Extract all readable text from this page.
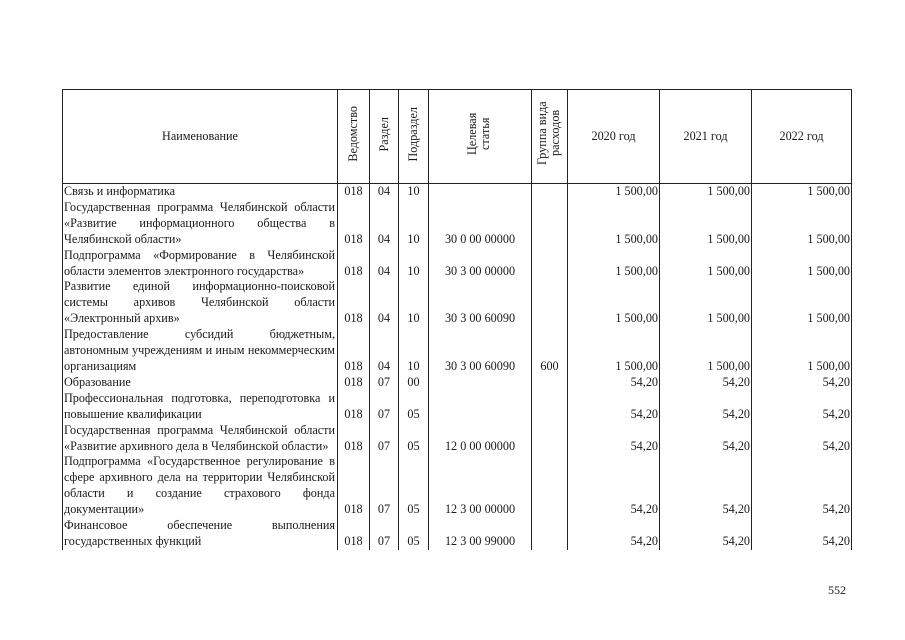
Наименование	Ведомство	Раздел	Подраздел	Целевая статья	Группа вида расходов	2020 год	2021 год	2022 год
Связь и информатика	018	04	10			1 500,00	1 500,00	1 500,00
Государственная программа Челябинской области «Развитие информационного общества в Челябинской области»	018	04	10	30 0 00 00000		1 500,00	1 500,00	1 500,00
Подпрограмма «Формирование в Челябинской области элементов электронного государства»	018	04	10	30 3 00 00000		1 500,00	1 500,00	1 500,00
Развитие единой информационно-поисковой системы архивов Челябинской области «Электронный архив»	018	04	10	30 3 00 60090		1 500,00	1 500,00	1 500,00
Предоставление субсидий бюджетным, автономным учреждениям и иным некоммерческим организациям	018	04	10	30 3 00 60090	600	1 500,00	1 500,00	1 500,00
Образование	018	07	00			54,20	54,20	54,20
Профессиональная подготовка, переподготовка и повышение квалификации	018	07	05			54,20	54,20	54,20
Государственная программа Челябинской области «Развитие архивного дела в Челябинской области»	018	07	05	12 0 00 00000		54,20	54,20	54,20
Подпрограмма «Государственное регулирование в сфере архивного дела на территории Челябинской области и создание страхового фонда документации»	018	07	05	12 3 00 00000		54,20	54,20	54,20
Финансовое обеспечение выполнения государственных функций	018	07	05	12 3 00 99000		54,20	54,20	54,20
552
